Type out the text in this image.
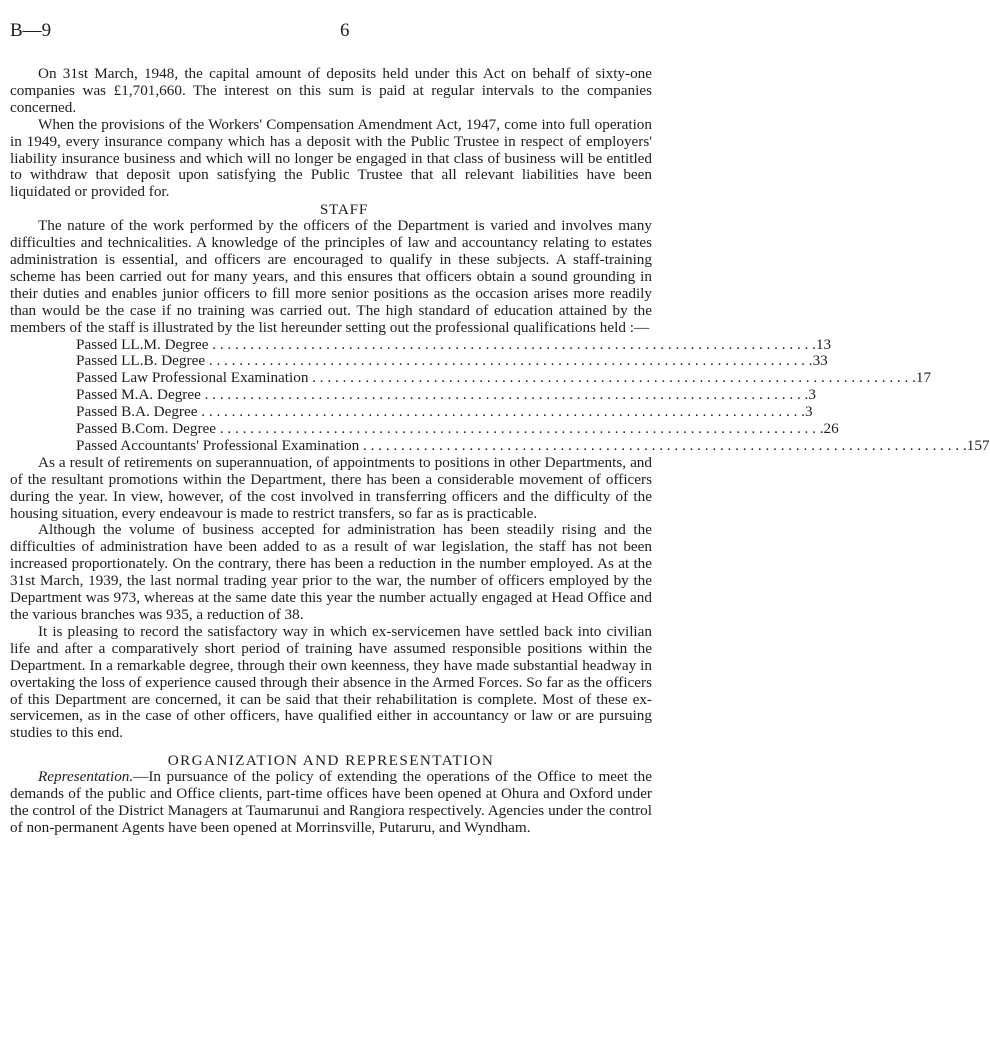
B—9	6

On 31st March, 1948, the capital amount of deposits held under this Act on behalf of sixty-one companies was £1,701,660. The interest on this sum is paid at regular intervals to the companies concerned.

When the provisions of the Workers' Compensation Amendment Act, 1947, come into full operation in 1949, every insurance company which has a deposit with the Public Trustee in respect of employers' liability insurance business and which will no longer be engaged in that class of business will be entitled to withdraw that deposit upon satisfying the Public Trustee that all relevant liabilities have been liquidated or provided for.

STAFF

The nature of the work performed by the officers of the Department is varied and involves many difficulties and technicalities. A knowledge of the principles of law and accountancy relating to estates administration is essential, and officers are encouraged to qualify in these subjects. A staff-training scheme has been carried out for many years, and this ensures that officers obtain a sound grounding in their duties and enables junior officers to fill more senior positions as the occasion arises more readily than would be the case if no training was carried out. The high standard of education attained by the members of the staff is illustrated by the list hereunder setting out the professional qualifications held :—

Passed LL.M. Degree . . . . . . . . . . . . . . . . . . . . . . . . . . . . . . . . . . . . . . . . . . . . . . . . . . . . . . . . . . . . . . . . . . . . . . . . . . . . . . . . 13
Passed LL.B. Degree . . . . . . . . . . . . . . . . . . . . . . . . . . . . . . . . . . . . . . . . . . . . . . . . . . . . . . . . . . . . . . . . . . . . . . . . . . . . . . . . 33
Passed Law Professional Examination . . . . . . . . . . . . . . . . . . . . . . . . . . . . . . . . . . . . . . . . . . . . . . . . . . . . . . . . . . . . . . . . . . . . . . . . . . . . . . . . 17
Passed M.A. Degree . . . . . . . . . . . . . . . . . . . . . . . . . . . . . . . . . . . . . . . . . . . . . . . . . . . . . . . . . . . . . . . . . . . . . . . . . . . . . . . . 3
Passed B.A. Degree . . . . . . . . . . . . . . . . . . . . . . . . . . . . . . . . . . . . . . . . . . . . . . . . . . . . . . . . . . . . . . . . . . . . . . . . . . . . . . . . 3
Passed B.Com. Degree . . . . . . . . . . . . . . . . . . . . . . . . . . . . . . . . . . . . . . . . . . . . . . . . . . . . . . . . . . . . . . . . . . . . . . . . . . . . . . . . 26
Passed Accountants' Professional Examination . . . . . . . . . . . . . . . . . . . . . . . . . . . . . . . . . . . . . . . . . . . . . . . . . . . . . . . . . . . . . . . . . . . . . . . . . . . . . . . . 157

As a result of retirements on superannuation, of appointments to positions in other Departments, and of the resultant promotions within the Department, there has been a considerable movement of officers during the year. In view, however, of the cost involved in transferring officers and the difficulty of the housing situation, every endeavour is made to restrict transfers, so far as is practicable.

Although the volume of business accepted for administration has been steadily rising and the difficulties of administration have been added to as a result of war legislation, the staff has not been increased proportionately. On the contrary, there has been a reduction in the number employed. As at the 31st March, 1939, the last normal trading year prior to the war, the number of officers employed by the Department was 973, whereas at the same date this year the number actually engaged at Head Office and the various branches was 935, a reduction of 38.

It is pleasing to record the satisfactory way in which ex-servicemen have settled back into civilian life and after a comparatively short period of training have assumed responsible positions within the Department. In a remarkable degree, through their own keenness, they have made substantial headway in overtaking the loss of experience caused through their absence in the Armed Forces. So far as the officers of this Department are concerned, it can be said that their rehabilitation is complete. Most of these ex-servicemen, as in the case of other officers, have qualified either in accountancy or law or are pursuing studies to this end.

ORGANIZATION AND REPRESENTATION

Representation.—In pursuance of the policy of extending the operations of the Office to meet the demands of the public and Office clients, part-time offices have been opened at Ohura and Oxford under the control of the District Managers at Taumarunui and Rangiora respectively. Agencies under the control of non-permanent Agents have been opened at Morrinsville, Putaruru, and Wyndham.
